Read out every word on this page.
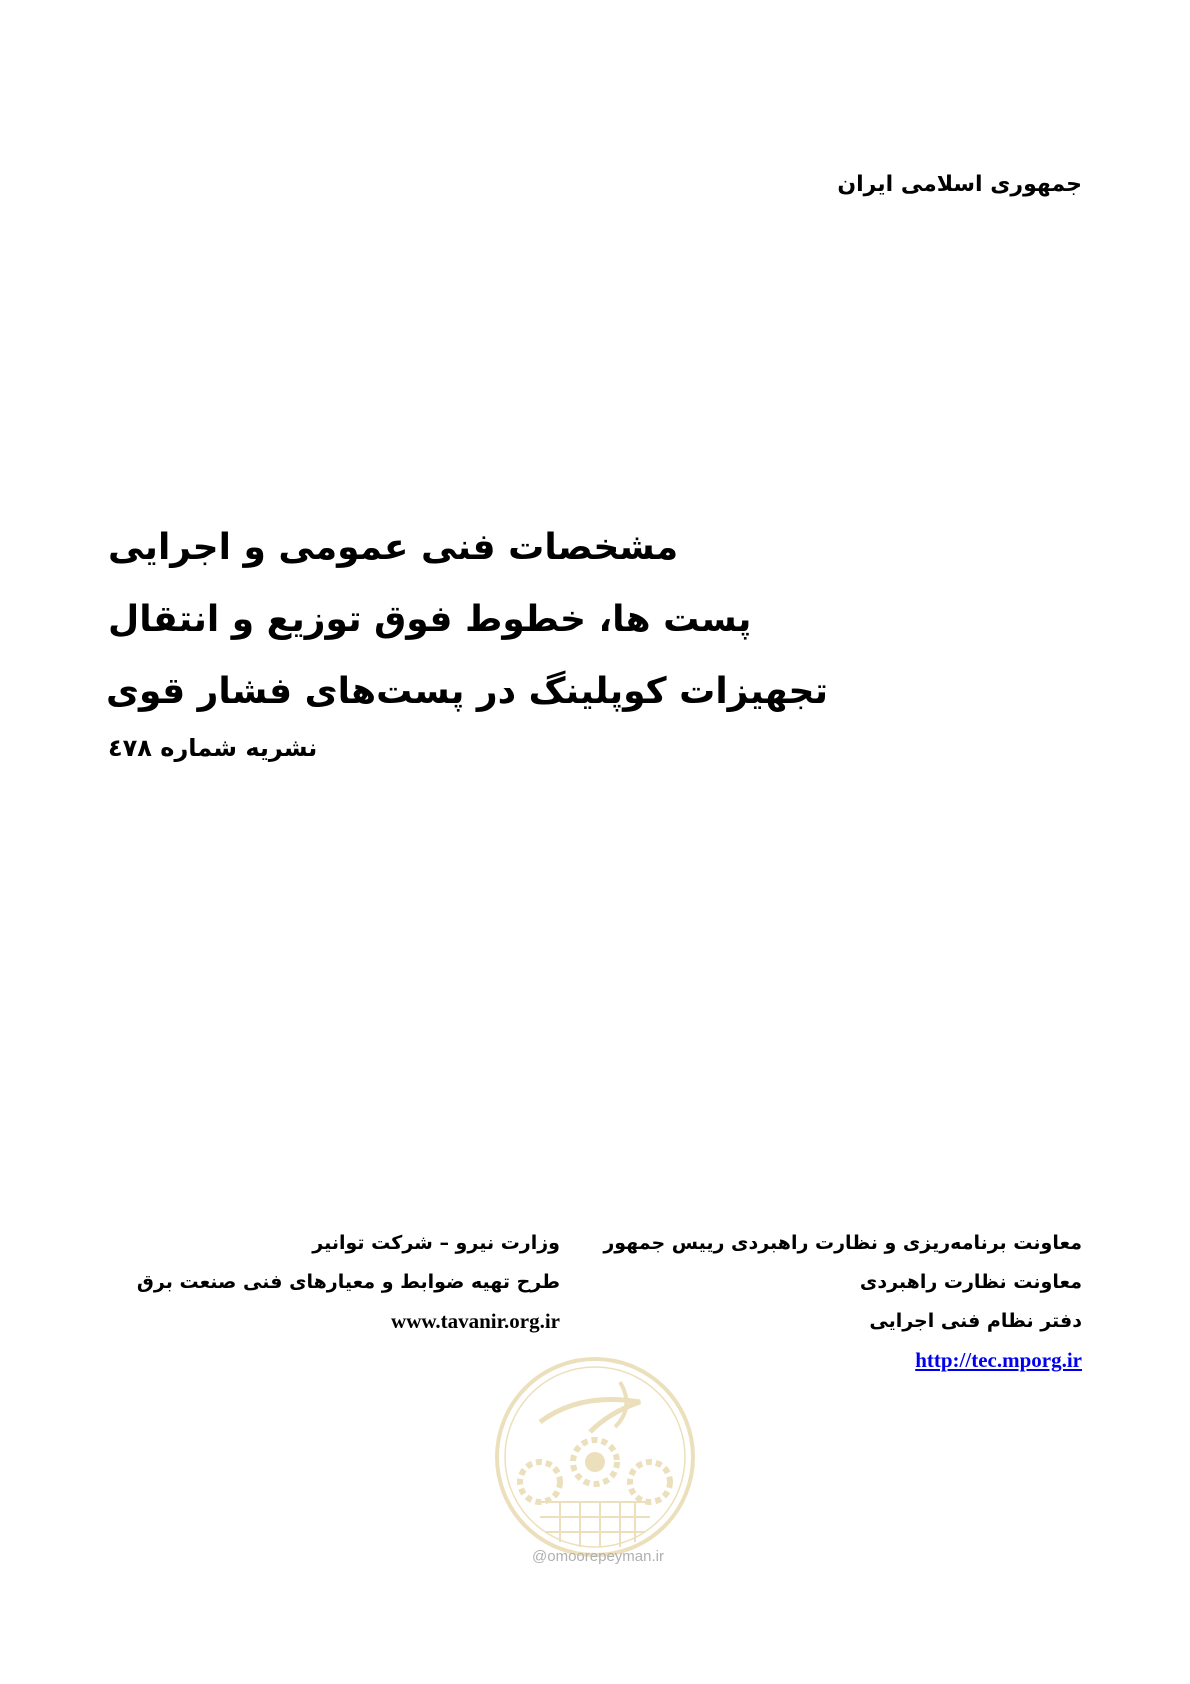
جمهوری اسلامی ایران
مشخصات فنی عمومی و اجرایی
پست ها، خطوط فوق توزیع و انتقال
تجهیزات کوپلینگ در پست‌های فشار قوی
نشریه شماره ٤٧٨
وزارت نیرو – شرکت توانیر
طرح تهیه ضوابط و معیارهای فنی صنعت برق
www.tavanir.org.ir
معاونت برنامه‌ریزی و نظارت راهبردی رییس جمهور
معاونت نظارت راهبردی
دفتر نظام فنی اجرایی
http://tec.mporg.ir
@omoorepeyman.ir
